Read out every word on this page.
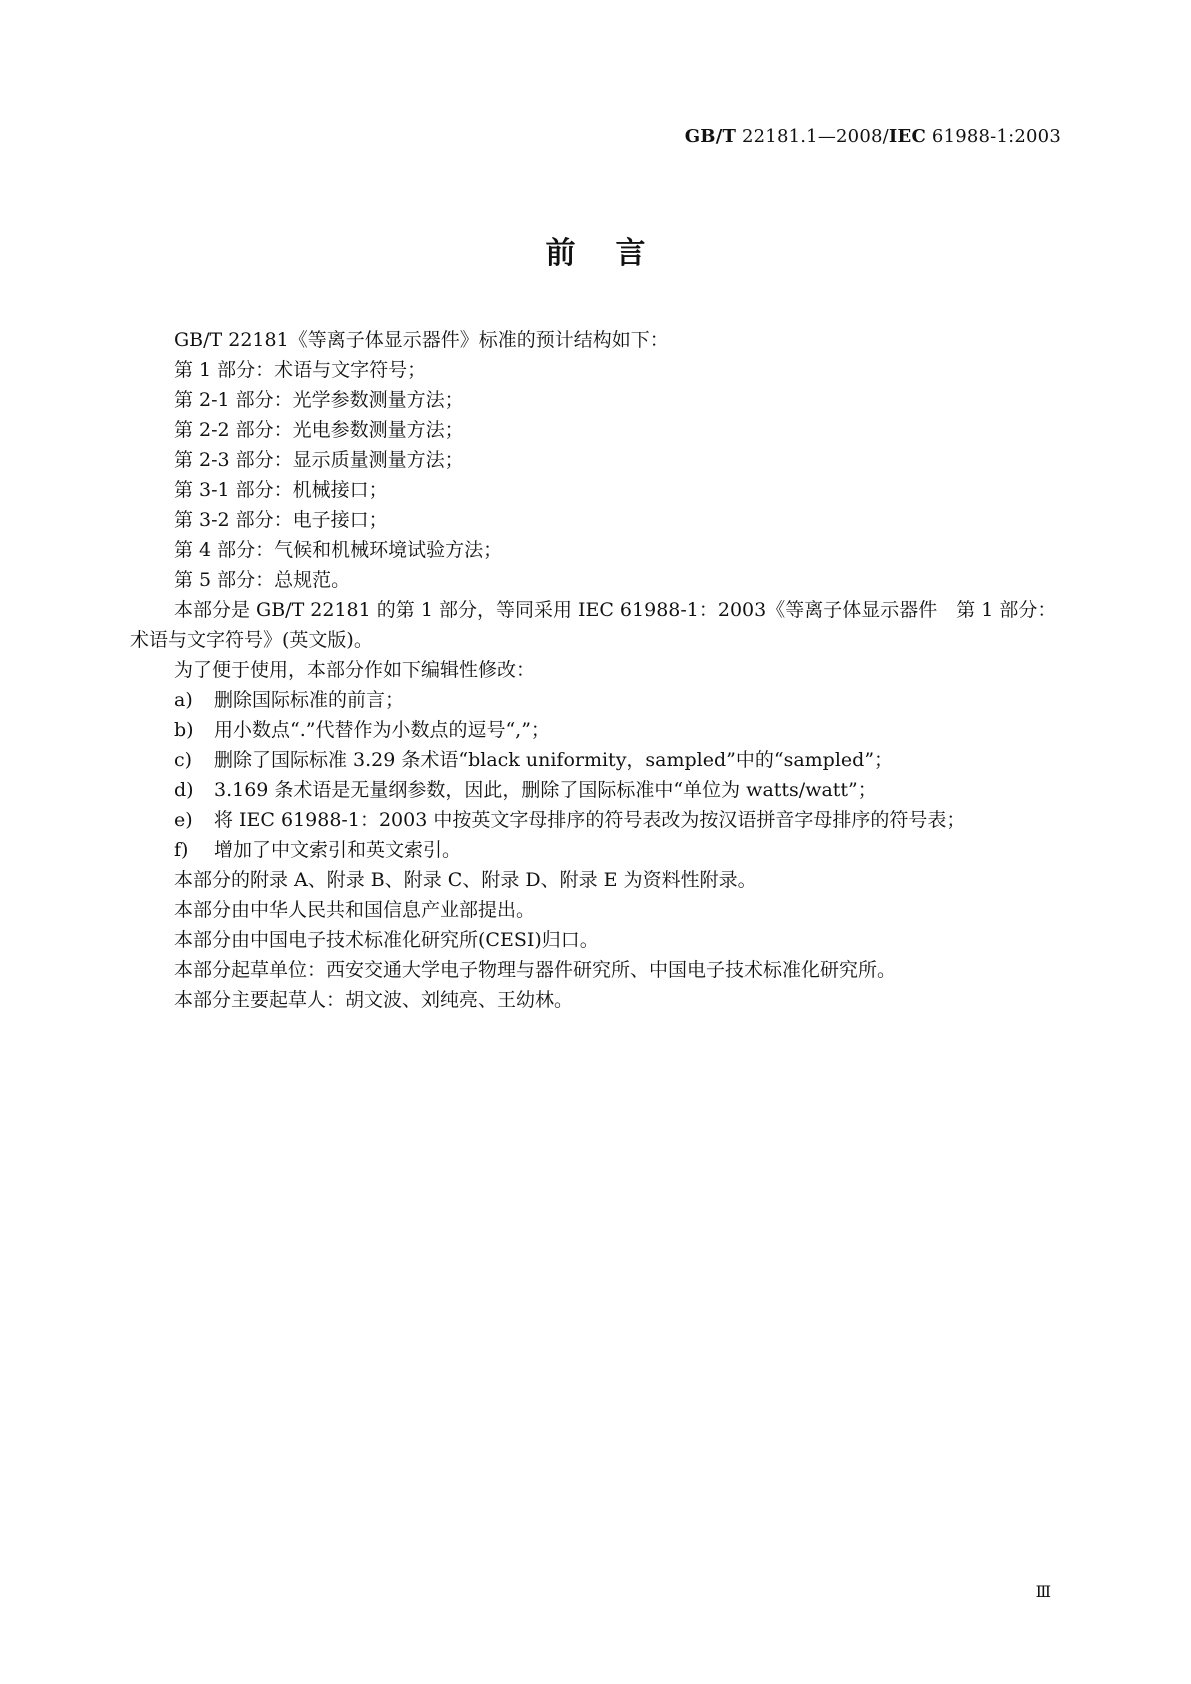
GB/T 22181.1—2008/IEC 61988-1:2003
前言
GB/T 22181《等离子体显示器件》标准的预计结构如下：
第 1 部分：术语与文字符号；
第 2-1 部分：光学参数测量方法；
第 2-2 部分：光电参数测量方法；
第 2-3 部分：显示质量测量方法；
第 3-1 部分：机械接口；
第 3-2 部分：电子接口；
第 4 部分：气候和机械环境试验方法；
第 5 部分：总规范。
本部分是 GB/T 22181 的第 1 部分，等同采用 IEC 61988-1：2003《等离子体显示器件　第 1 部分：术语与文字符号》(英文版)。
为了便于使用，本部分作如下编辑性修改：
a)	删除国际标准的前言；
b)	用小数点“.”代替作为小数点的逗号“,”；
c)	删除了国际标准 3.29 条术语“black uniformity，sampled”中的“sampled”；
d)	3.169 条术语是无量纲参数，因此，删除了国际标准中“单位为 watts/watt”；
e)	将 IEC 61988-1：2003 中按英文字母排序的符号表改为按汉语拼音字母排序的符号表；
f)	增加了中文索引和英文索引。
本部分的附录 A、附录 B、附录 C、附录 D、附录 E 为资料性附录。
本部分由中华人民共和国信息产业部提出。
本部分由中国电子技术标准化研究所(CESI)归口。
本部分起草单位：西安交通大学电子物理与器件研究所、中国电子技术标准化研究所。
本部分主要起草人：胡文波、刘纯亮、王幼林。
Ⅲ
